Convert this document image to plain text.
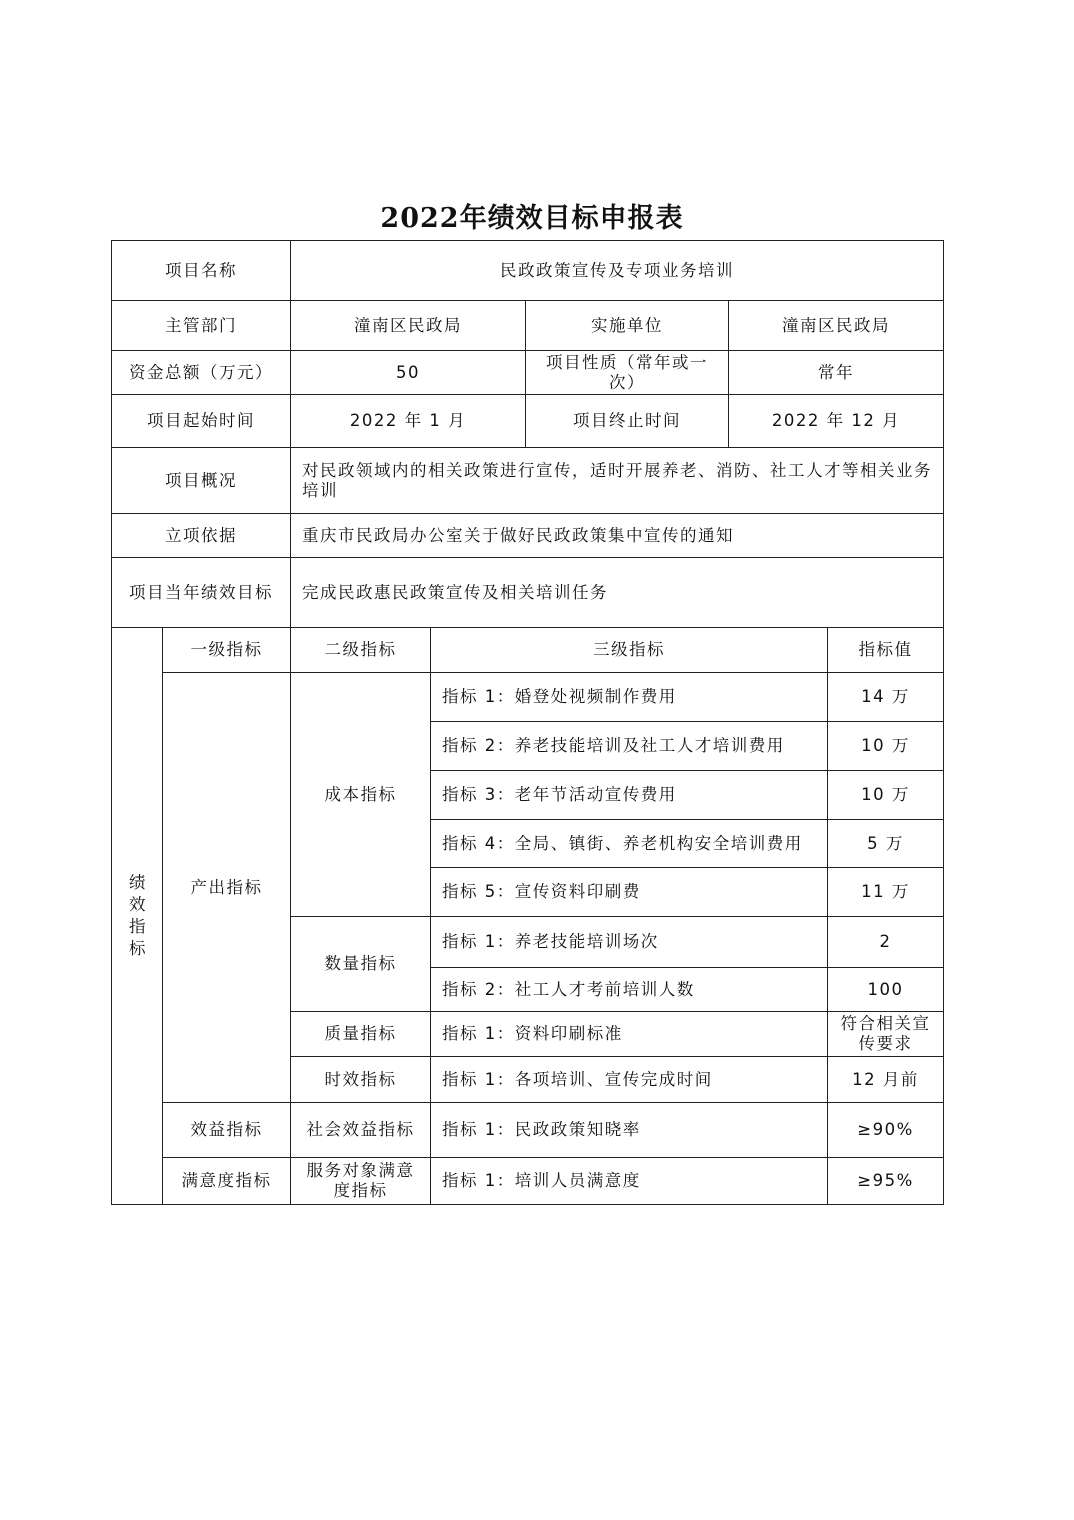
2022年绩效目标申报表
项目名称		民政政策宣传及专项业务培训				
主管部门		潼南区民政局		实施单位	潼南区民政局	
资金总额（万元）		50		项目性质（常年或一次）	常年	
项目起始时间		2022 年 1 月		项目终止时间	2022 年 12 月	
项目概况		对民政领域内的相关政策进行宣传，适时开展养老、消防、社工人才等相关业务培训				
立项依据		重庆市民政局办公室关于做好民政政策集中宣传的通知				
项目当年绩效目标		完成民政惠民政策宣传及相关培训任务				
绩效指标	一级指标	二级指标	三级指标			指标值
	产出指标	成本指标	指标 1：婚登处视频制作费用			14 万
			指标 2：养老技能培训及社工人才培训费用			10 万
			指标 3：老年节活动宣传费用			10 万
			指标 4：全局、镇街、养老机构安全培训费用			5 万
			指标 5：宣传资料印刷费			11 万
		数量指标	指标 1：养老技能培训场次			2
			指标 2：社工人才考前培训人数			100
		质量指标	指标 1：资料印刷标准			符合相关宣传要求
		时效指标	指标 1：各项培训、宣传完成时间			12 月前
	效益指标	社会效益指标	指标 1：民政政策知晓率			≥90%
	满意度指标	服务对象满意度指标	指标 1：培训人员满意度			≥95%
